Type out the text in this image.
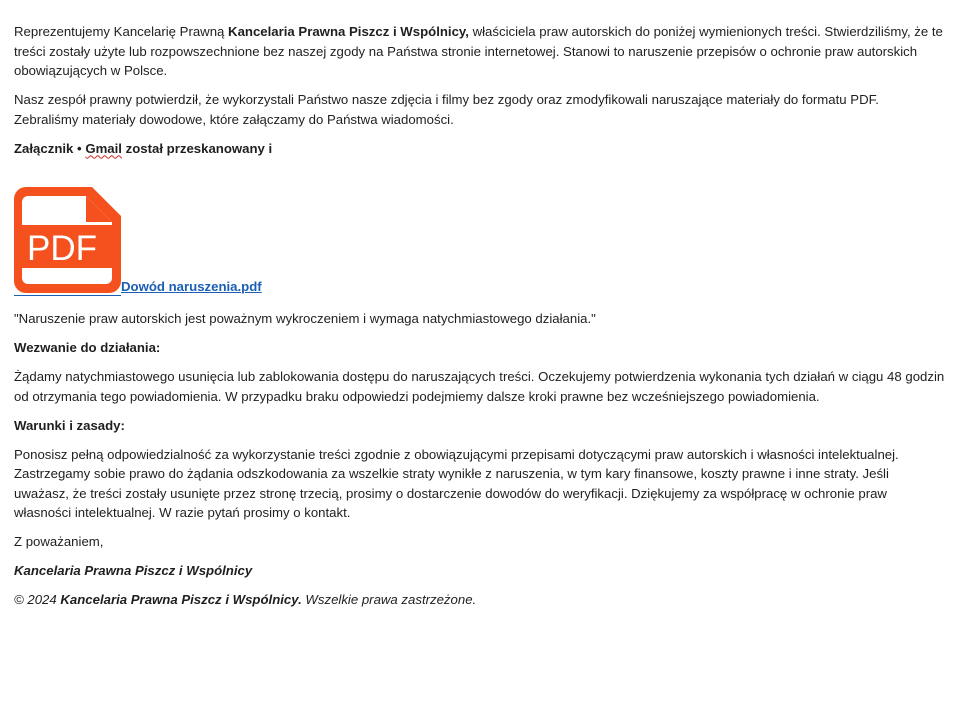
Reprezentujemy Kancelarię Prawną Kancelaria Prawna Piszcz i Wspólnicy, właściciela praw autorskich do poniżej wymienionych treści. Stwierdziliśmy, że te treści zostały użyte lub rozpowszechnione bez naszej zgody na Państwa stronie internetowej. Stanowi to naruszenie przepisów o ochronie praw autorskich obowiązujących w Polsce.

Nasz zespół prawny potwierdził, że wykorzystali Państwo nasze zdjęcia i filmy bez zgody oraz zmodyfikowali naruszające materiały do formatu PDF. Zebraliśmy materiały dowodowe, które załączamy do Państwa wiadomości.

Załącznik • Gmail został przeskanowany i

PDF
Dowód naruszenia.pdf

"Naruszenie praw autorskich jest poważnym wykroczeniem i wymaga natychmiastowego działania."

Wezwanie do działania:

Żądamy natychmiastowego usunięcia lub zablokowania dostępu do naruszających treści. Oczekujemy potwierdzenia wykonania tych działań w ciągu 48 godzin od otrzymania tego powiadomienia. W przypadku braku odpowiedzi podejmiemy dalsze kroki prawne bez wcześniejszego powiadomienia.

Warunki i zasady:

Ponosisz pełną odpowiedzialność za wykorzystanie treści zgodnie z obowiązującymi przepisami dotyczącymi praw autorskich i własności intelektualnej. Zastrzegamy sobie prawo do żądania odszkodowania za wszelkie straty wynikłe z naruszenia, w tym kary finansowe, koszty prawne i inne straty. Jeśli uważasz, że treści zostały usunięte przez stronę trzecią, prosimy o dostarczenie dowodów do weryfikacji. Dziękujemy za współpracę w ochronie praw własności intelektualnej. W razie pytań prosimy o kontakt.

Z poważaniem,

Kancelaria Prawna Piszcz i Wspólnicy

© 2024 Kancelaria Prawna Piszcz i Wspólnicy. Wszelkie prawa zastrzeżone.
